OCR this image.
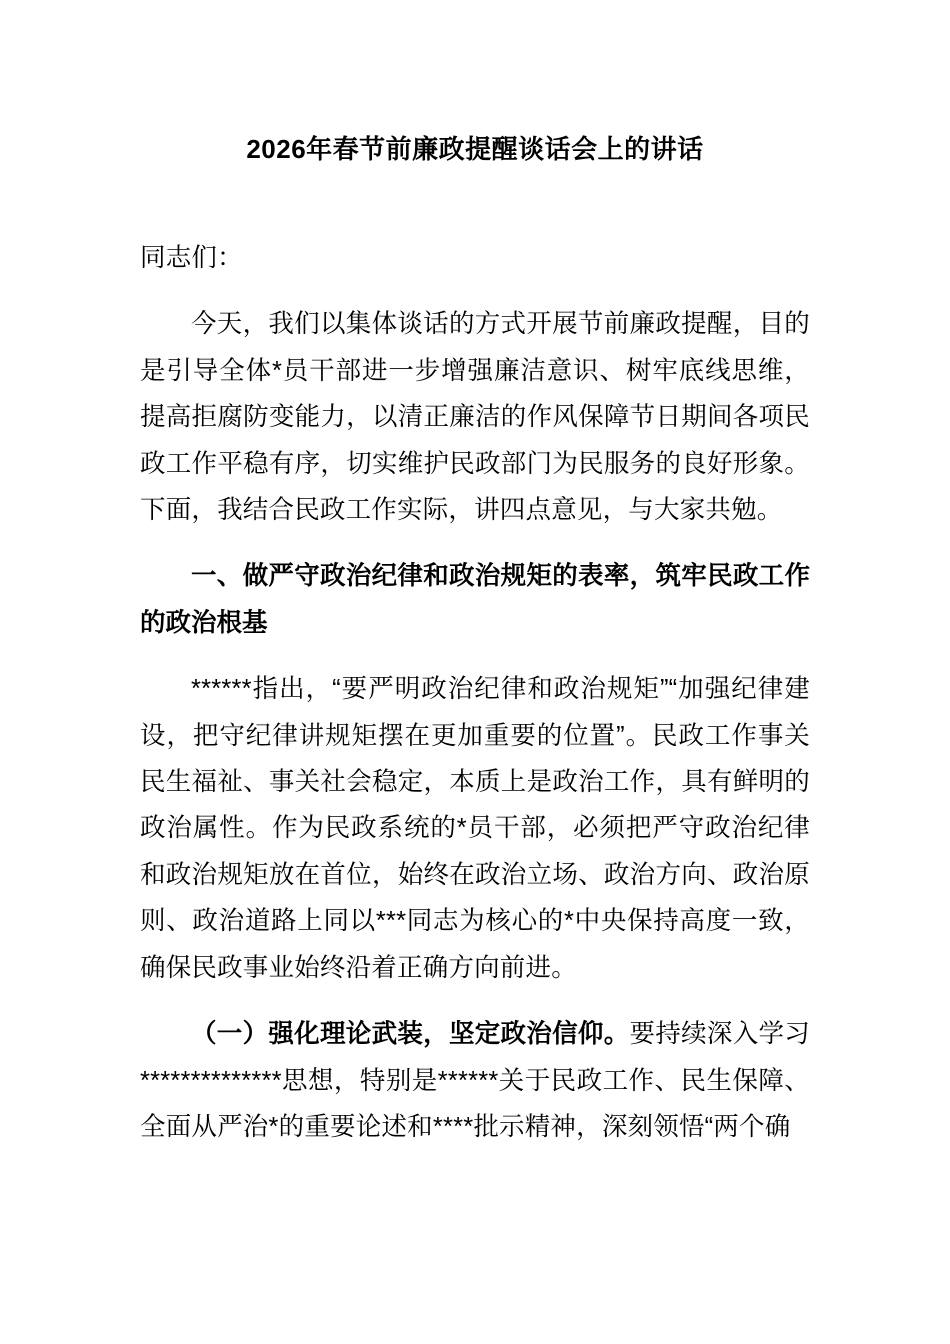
2026年春节前廉政提醒谈话会上的讲话

同志们：

今天，我们以集体谈话的方式开展节前廉政提醒，目的是引导全体*员干部进一步增强廉洁意识、树牢底线思维，提高拒腐防变能力，以清正廉洁的作风保障节日期间各项民政工作平稳有序，切实维护民政部门为民服务的良好形象。下面，我结合民政工作实际，讲四点意见，与大家共勉。

一、做严守政治纪律和政治规矩的表率，筑牢民政工作的政治根基

******指出，“要严明政治纪律和政治规矩”“加强纪律建设，把守纪律讲规矩摆在更加重要的位置”。民政工作事关民生福祉、事关社会稳定，本质上是政治工作，具有鲜明的政治属性。作为民政系统的*员干部，必须把严守政治纪律和政治规矩放在首位，始终在政治立场、政治方向、政治原则、政治道路上同以***同志为核心的*中央保持高度一致，确保民政事业始终沿着正确方向前进。

（一）强化理论武装，坚定政治信仰。要持续深入学习**************思想，特别是******关于民政工作、民生保障、全面从严治*的重要论述和****批示精神，深刻领悟“两个确
